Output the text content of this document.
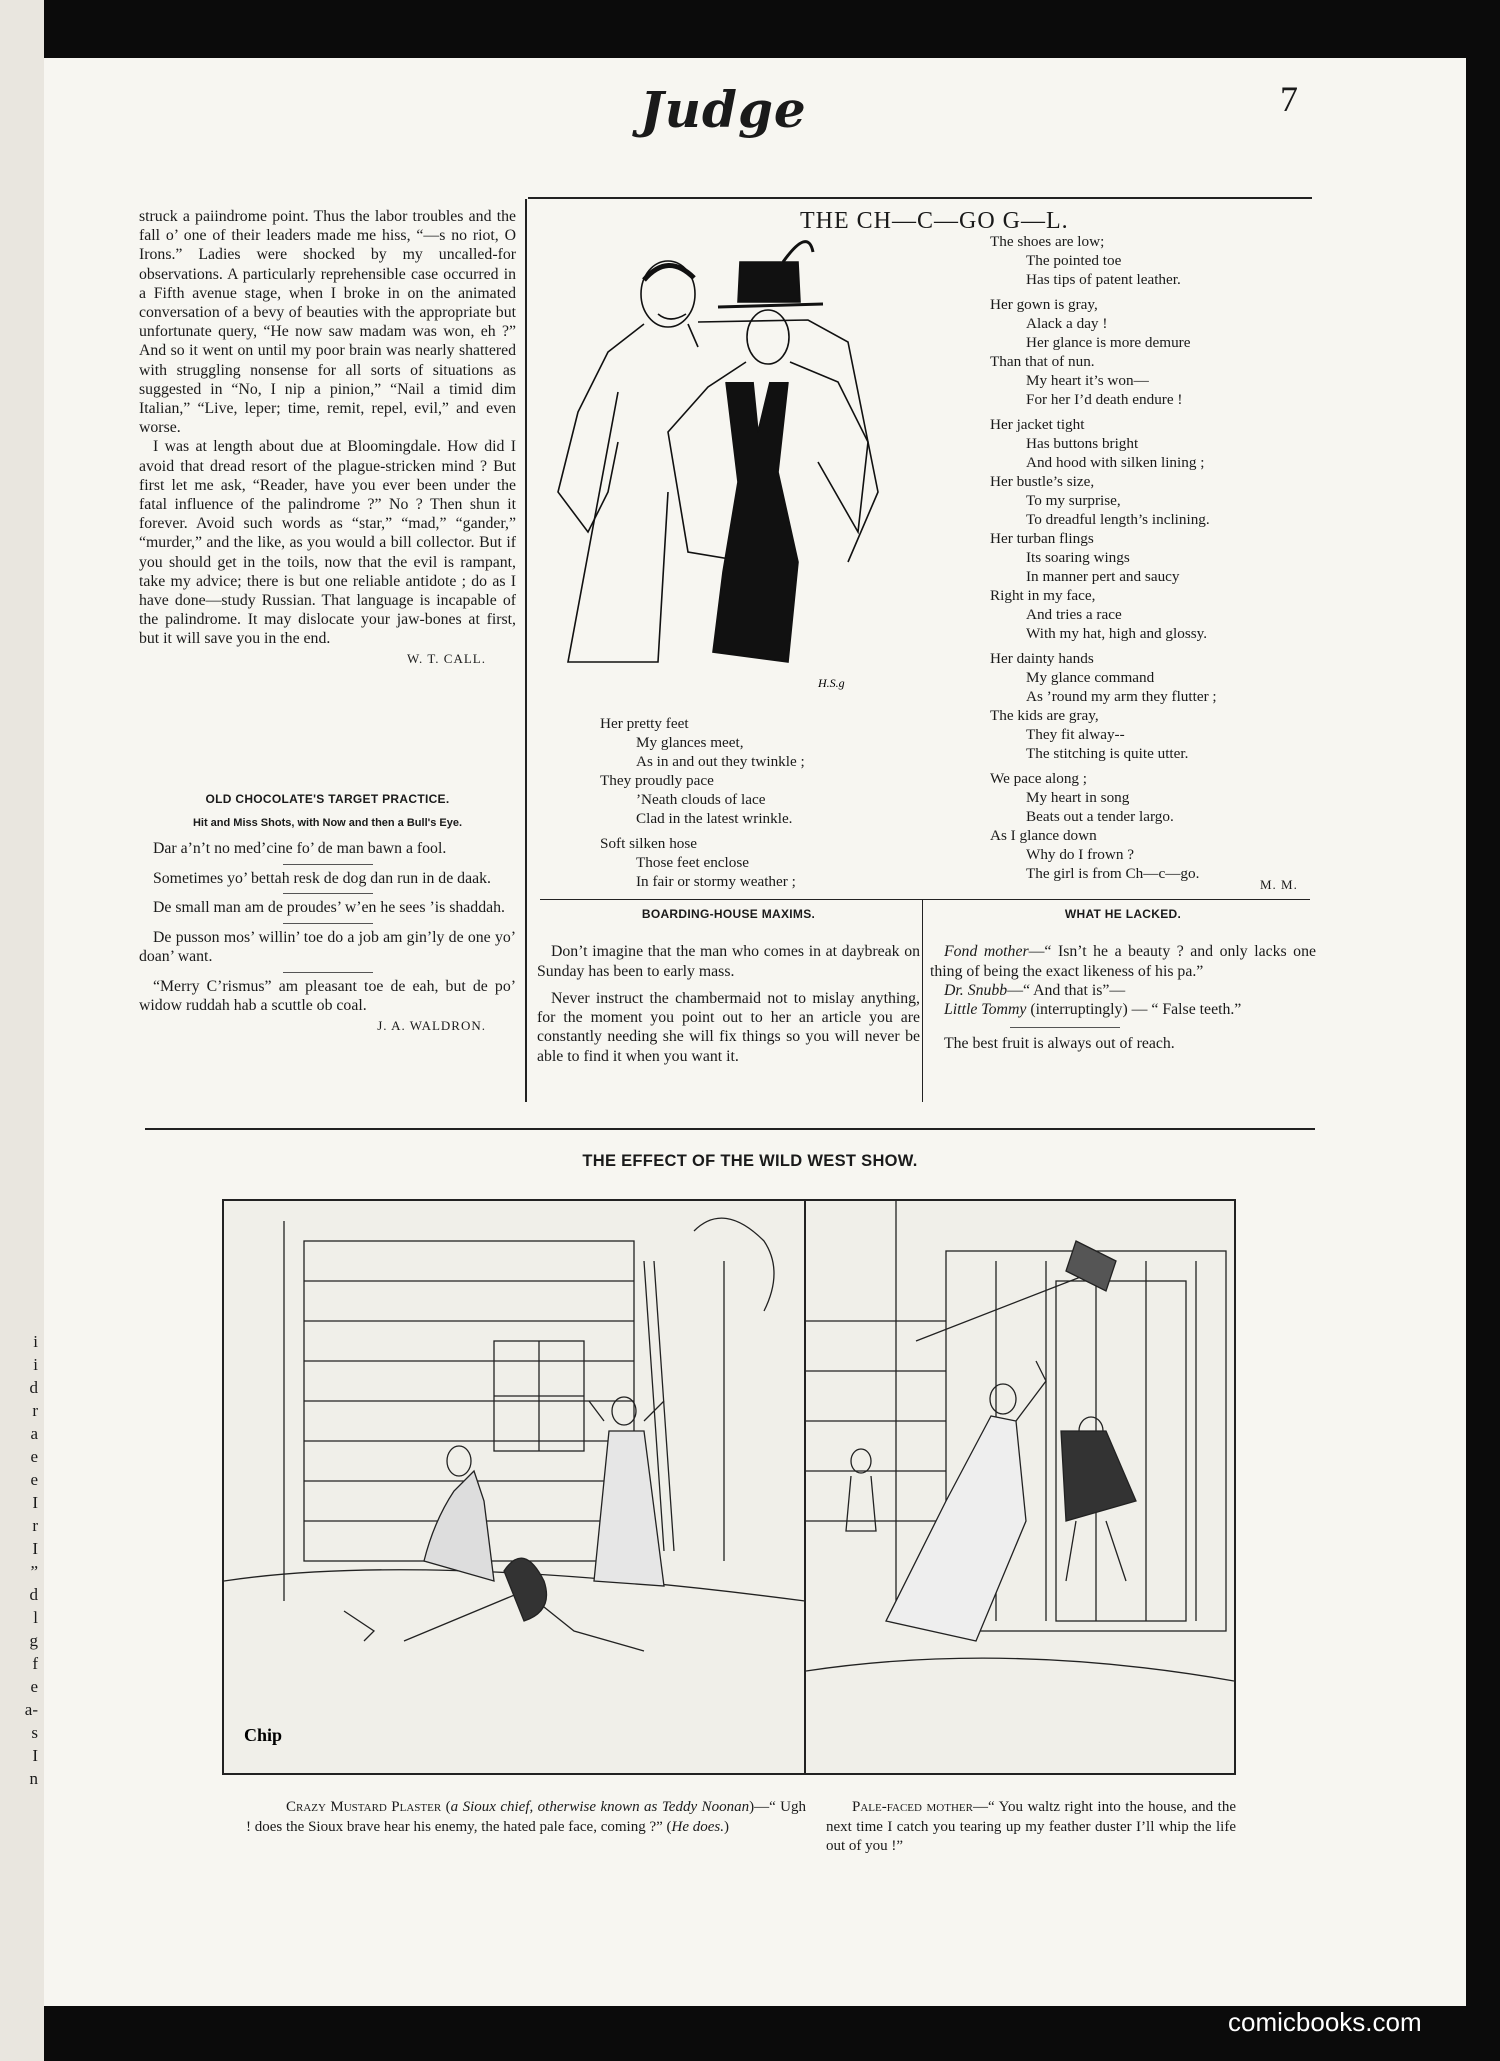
i
i
d
r
a
e
e
I
r
I
”
d
l
g
f
e
a-
s
I
n
Judge	7

struck a paiindrome point. Thus the labor troubles and the fall o’ one of their leaders made me hiss, “—s no riot, O Irons.” Ladies were shocked by my uncalled-for observations. A particularly reprehensible case occurred in a Fifth avenue stage, when I broke in on the animated conversation of a bevy of beauties with the appropriate but unfortunate query, “He now saw madam was won, eh ?” And so it went on until my poor brain was nearly shattered with struggling nonsense for all sorts of situations as suggested in “No, I nip a pinion,” “Nail a timid dim Italian,” “Live, leper; time, remit, repel, evil,” and even worse.

I was at length about due at Bloomingdale. How did I avoid that dread resort of the plague-stricken mind ? But first let me ask, “Reader, have you ever been under the fatal influence of the palindrome ?” No ? Then shun it forever. Avoid such words as “star,” “mad,” “gander,” “murder,” and the like, as you would a bill collector. But if you should get in the toils, now that the evil is rampant, take my advice; there is but one reliable antidote ; do as I have done—study Russian. That language is incapable of the palindrome. It may dislocate your jaw-bones at first, but it will save you in the end.

W. T. CALL.
OLD CHOCOLATE'S TARGET PRACTICE.
Hit and Miss Shots, with Now and then a Bull's Eye.

Dar a’n’t no med’cine fo’ de man bawn a fool.

Sometimes yo’ bettah resk de dog dan run in de daak.

De small man am de proudes’ w’en he sees ’is shaddah.

De pusson mos’ willin’ toe do a job am gin’ly de one yo’ doan’ want.

“Merry C’rismus” am pleasant toe de eah, but de po’ widow ruddah hab a scuttle ob coal.

J. A. WALDRON.
THE CH—C—GO G—L.
H.S.g
The shoes are low;
The pointed toe
Has tips of patent leather.
Her gown is gray,
Alack a day !
Her glance is more demure
Than that of nun.
My heart it’s won—
For her I’d death endure !
Her jacket tight
Has buttons bright
And hood with silken lining ;
Her bustle’s size,
To my surprise,
To dreadful length’s inclining.
Her turban flings
Its soaring wings
In manner pert and saucy
Right in my face,
And tries a race
With my hat, high and glossy.
Her dainty hands
My glance command
As ’round my arm they flutter ;
The kids are gray,
They fit alway--
The stitching is quite utter.
We pace along ;
My heart in song
Beats out a tender largo.
As I glance down
Why do I frown ?
The girl is from Ch—c—go.
Her pretty feet
My glances meet,
As in and out they twinkle ;
They proudly pace
’Neath clouds of lace
Clad in the latest wrinkle.
Soft silken hose
Those feet enclose
In fair or stormy weather ;	M. M.
BOARDING-HOUSE MAXIMS.

Don’t imagine that the man who comes in at daybreak on Sunday has been to early mass.

Never instruct the chambermaid not to mislay anything, for the moment you point out to her an article you are constantly needing she will fix things so you will never be able to find it when you want it.

WHAT HE LACKED.

Fond mother—“ Isn’t he a beauty ? and only lacks one thing of being the exact likeness of his pa.”

Dr. Snubb—“ And that is”—

Little Tommy (interruptingly) — “ False teeth.”

The best fruit is always out of reach.

THE EFFECT OF THE WILD WEST SHOW.
Chip
Crazy Mustard Plaster (a Sioux chief, otherwise known as Teddy Noonan)—“ Ugh ! does the Sioux brave hear his enemy, the hated pale face, coming ?” (He does.)
Pale-faced mother—“ You waltz right into the house, and the next time I catch you tearing up my feather duster I’ll whip the life out of you !”
comicbooks.com
